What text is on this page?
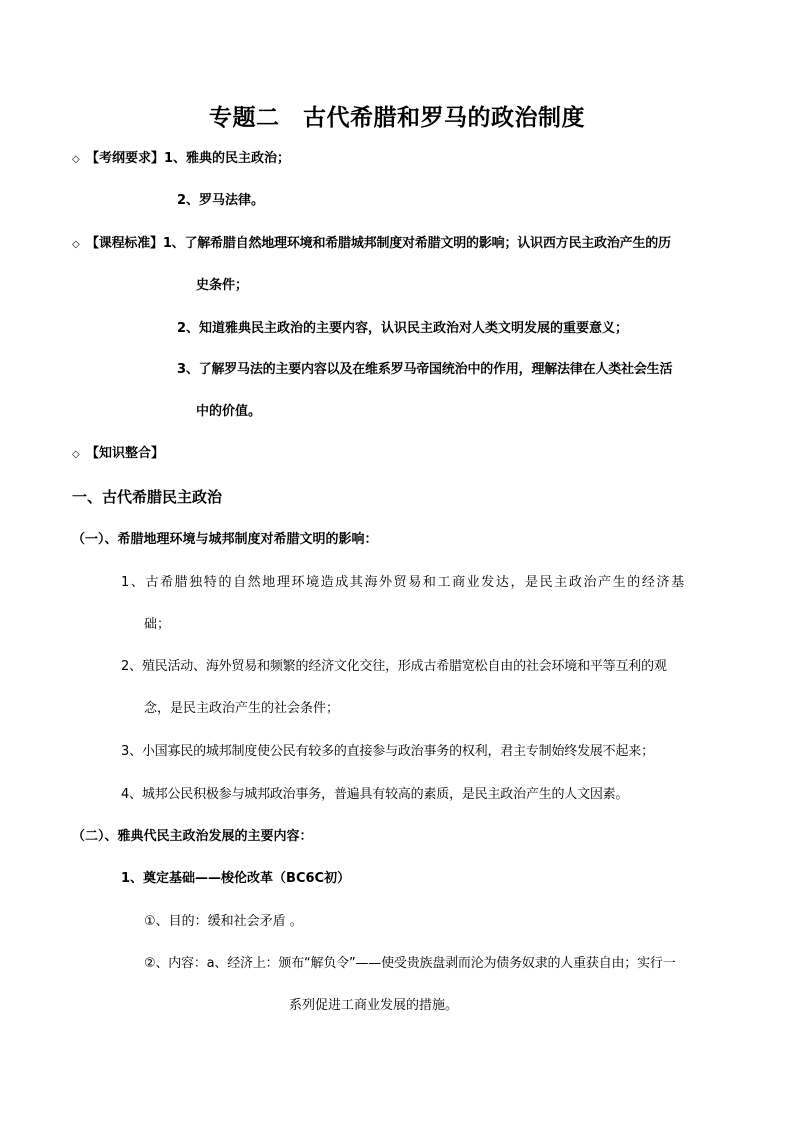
专题二　古代希腊和罗马的政治制度
◇ 【考纲要求】1、雅典的民主政治；
2、罗马法律。
◇ 【课程标准】1、了解希腊自然地理环境和希腊城邦制度对希腊文明的影响；认识西方民主政治产生的历
史条件；
2、知道雅典民主政治的主要内容，认识民主政治对人类文明发展的重要意义；
3、了解罗马法的主要内容以及在维系罗马帝国统治中的作用，理解法律在人类社会生活
中的价值。
◇ 【知识整合】
一、古代希腊民主政治
（一）、希腊地理环境与城邦制度对希腊文明的影响：
1、古希腊独特的自然地理环境造成其海外贸易和工商业发达，是民主政治产生的经济基
础；
2、殖民活动、海外贸易和频繁的经济文化交往，形成古希腊宽松自由的社会环境和平等互利的观
念，是民主政治产生的社会条件；
3、小国寡民的城邦制度使公民有较多的直接参与政治事务的权利，君主专制始终发展不起来；
4、城邦公民积极参与城邦政治事务，普遍具有较高的素质，是民主政治产生的人文因素。
（二）、雅典代民主政治发展的主要内容：
1、奠定基础——梭伦改革（BC6C初）
①、目的：缓和社会矛盾 。
②、内容：a、经济上：颁布“解负令”——使受贵族盘剥而沦为债务奴隶的人重获自由；实行一
系列促进工商业发展的措施。
